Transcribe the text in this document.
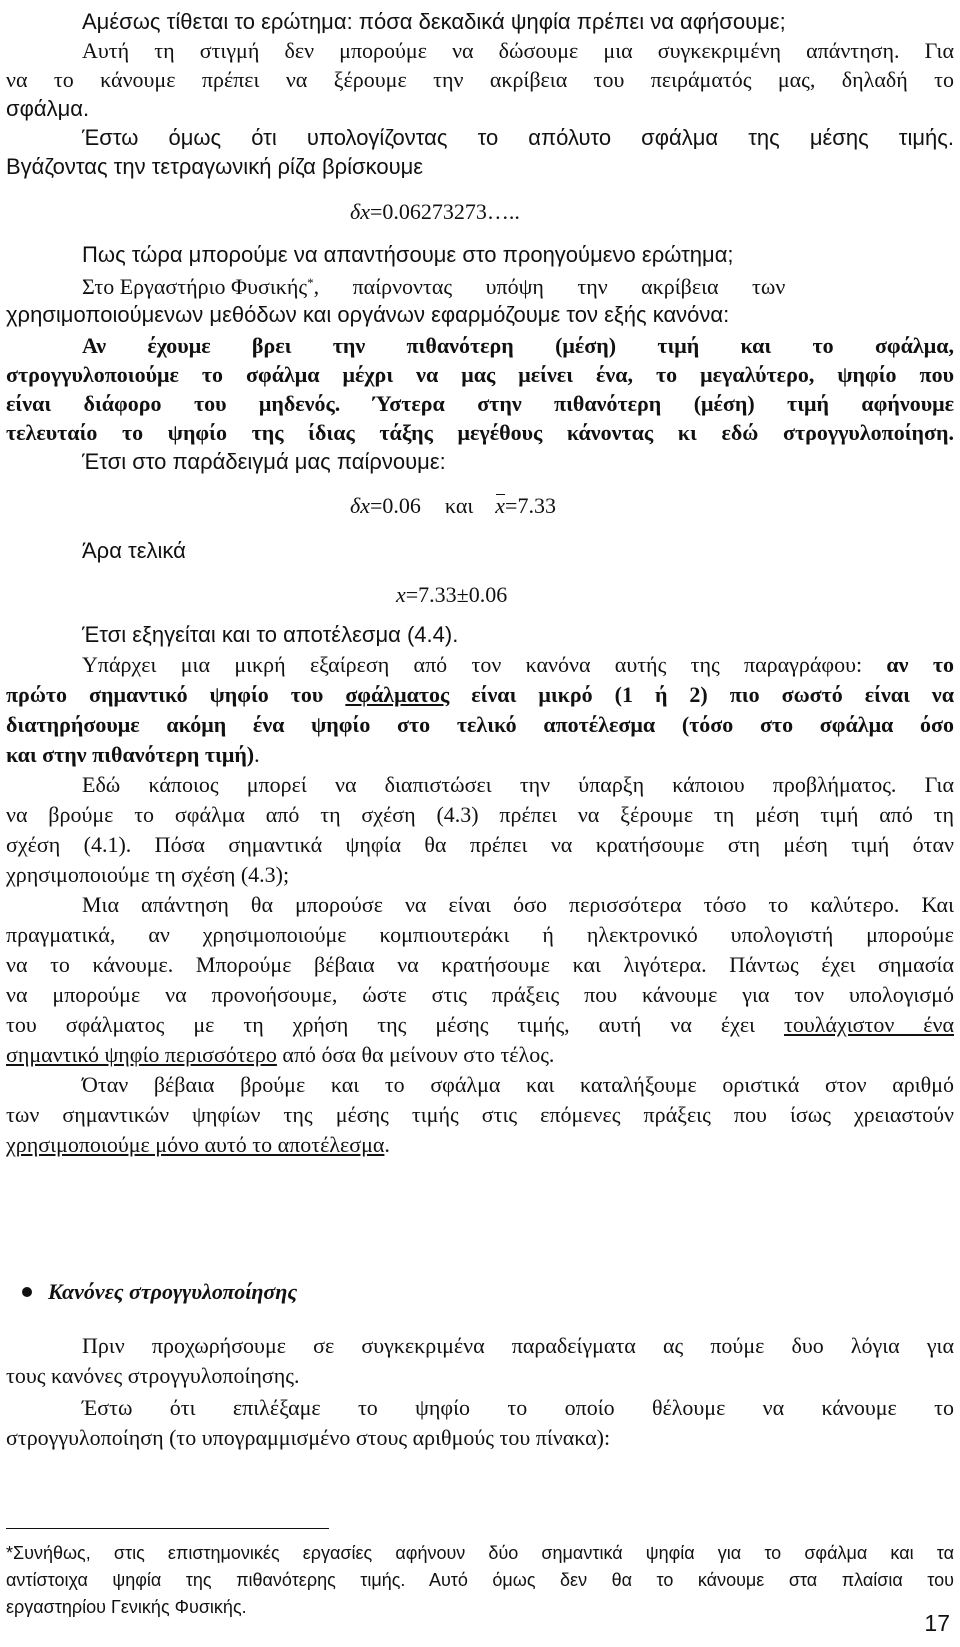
Αμέσως τίθεται το ερώτημα: πόσα δεκαδικά ψηφία πρέπει να αφήσουμε;
Αυτή τη στιγμή δεν μπορούμε να δώσουμε μια συγκεκριμένη απάντηση. Για
να το κάνουμε πρέπει να ξέρουμε την ακρίβεια του πειράματός μας, δηλαδή το
σφάλμα.
Έστω όμως ότι υπολογίζοντας το απόλυτο σφάλμα της μέσης τιμής.
Βγάζοντας την τετραγωνική ρίζα βρίσκουμε
δx=0.06273273…..
Πως τώρα μπορούμε να απαντήσουμε στο προηγούμενο ερώτημα;
Στο Εργαστήριο Φυσικής*, παίρνοντας υπόψη την ακρίβεια των
χρησιμοποιούμενων μεθόδων και οργάνων εφαρμόζουμε τον εξής κανόνα:
Αν έχουμε βρει την πιθανότερη (μέση) τιμή και το σφάλμα,
στρογγυλοποιούμε το σφάλμα μέχρι να μας μείνει ένα, το μεγαλύτερο, ψηφίο που
είναι διάφορο του μηδενός. Ύστερα στην πιθανότερη (μέση) τιμή αφήνουμε
τελευταίο το ψηφίο της ίδιας τάξης μεγέθους κάνοντας κι εδώ στρογγυλοποίηση.
Έτσι στο παράδειγμά μας παίρνουμε:
δx=0.06 και x=7.33
Άρα τελικά
x=7.33±0.06
Έτσι εξηγείται και το αποτέλεσμα (4.4).
Υπάρχει μια μικρή εξαίρεση από τον κανόνα αυτής της παραγράφου: αν το
πρώτο σημαντικό ψηφίο του σφάλματος είναι μικρό (1 ή 2) πιο σωστό είναι να
διατηρήσουμε ακόμη ένα ψηφίο στο τελικό αποτέλεσμα (τόσο στο σφάλμα όσο
και στην πιθανότερη τιμή).
Εδώ κάποιος μπορεί να διαπιστώσει την ύπαρξη κάποιου προβλήματος. Για
να βρούμε το σφάλμα από τη σχέση (4.3) πρέπει να ξέρουμε τη μέση τιμή από τη
σχέση (4.1). Πόσα σημαντικά ψηφία θα πρέπει να κρατήσουμε στη μέση τιμή όταν
χρησιμοποιούμε τη σχέση (4.3);
Μια απάντηση θα μπορούσε να είναι όσο περισσότερα τόσο το καλύτερο. Και
πραγματικά, αν χρησιμοποιούμε κομπιουτεράκι ή ηλεκτρονικό υπολογιστή μπορούμε
να το κάνουμε. Μπορούμε βέβαια να κρατήσουμε και λιγότερα. Πάντως έχει σημασία
να μπορούμε να προνοήσουμε, ώστε στις πράξεις που κάνουμε για τον υπολογισμό
του σφάλματος με τη χρήση της μέσης τιμής, αυτή να έχει τουλάχιστον ένα
σημαντικό ψηφίο περισσότερο από όσα θα μείνουν στο τέλος.
Όταν βέβαια βρούμε και το σφάλμα και καταλήξουμε οριστικά στον αριθμό
των σημαντικών ψηφίων της μέσης τιμής στις επόμενες πράξεις που ίσως χρειαστούν
χρησιμοποιούμε μόνο αυτό το αποτέλεσμα.
Κανόνες στρογγυλοποίησης
Πριν προχωρήσουμε σε συγκεκριμένα παραδείγματα ας πούμε δυο λόγια για
τους κανόνες στρογγυλοποίησης.
Έστω ότι επιλέξαμε το ψηφίο το οποίο θέλουμε να κάνουμε το
στρογγυλοποίηση (το υπογραμμισμένο στους αριθμούς του πίνακα):
*Συνήθως, στις επιστημονικές εργασίες αφήνουν δύο σημαντικά ψηφία για το σφάλμα και τα
αντίστοιχα ψηφία της πιθανότερης τιμής. Αυτό όμως δεν θα το κάνουμε στα πλαίσια του
εργαστηρίου Γενικής Φυσικής.
17
